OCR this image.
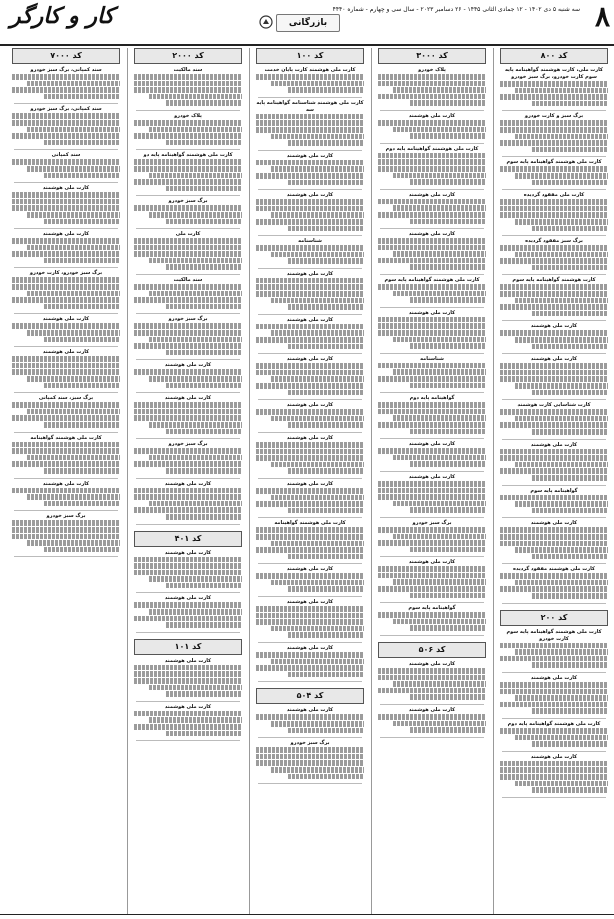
۸
سه شنبه ۵ دی ۱۴۰۲ - ۱۲ جمادی الثانی ۱۴۴۵ - ۲۶ دسامبر ۲۰۲۳ - سال سی و چهارم - شماره ۴۴۴۰
بازرگانی
کار و کارگر
کد ۸۰۰
کارت ملی، کارت هوشمند گواهینامه پایه سوم کارت خودرو، برگ سبز خودرو
برگ سبز و کارت خودرو
کارت ملی هوشمند گواهینامه پایه سوم
کارت ملی مفقود گردیده
برگ سبز مفقود گردیده
کارت هوشمند گواهینامه پایه سوم
کارت ملی هوشمند
کارت ملی هوشمند
کارت شناسایی کارت هوشمند
کارت ملی هوشمند
گواهینامه پایه سوم
کارت ملی هوشمند
کارت ملی هوشمند مفقود گردیده
کد ۲۰۰
کارت ملی هوشمند گواهینامه پایه سوم کارت خودرو
کارت ملی هوشمند
کارت ملی هوشمند گواهینامه پایه دوم
کارت ملی هوشمند
کد ۳۰۰۰
پلاک خودرو
کارت ملی هوشمند
کارت ملی هوشمند گواهینامه پایه دوم
کارت ملی هوشمند
کارت ملی هوشمند
کارت ملی هوشمند گواهینامه پایه سوم
کارت ملی هوشمند
شناسنامه
گواهینامه پایه دوم
کارت ملی هوشمند
کارت ملی هوشمند
برگ سبز خودرو
کارت ملی هوشمند
گواهینامه پایه سوم
کد ۵۰۶
کارت ملی هوشمند
کارت ملی هوشمند
کد ۱۰۰
کارت ملی هوشمند کارت پایان خدمت
کارت ملی هوشمند شناسنامه گواهینامه پایه سه
کارت ملی هوشمند
کارت ملی هوشمند
شناسنامه
کارت ملی هوشمند
کارت ملی هوشمند
کارت ملی هوشمند
کارت ملی هوشمند
کارت ملی هوشمند
کارت ملی هوشمند
کارت ملی هوشمند گواهینامه
کارت ملی هوشمند
کارت ملی هوشمند
کارت ملی هوشمند
کد ۵۰۴
کارت ملی هوشمند
برگ سبز خودرو
کد ۲۰۰۰
سند مالکیت
پلاک خودرو
کارت ملی هوشمند گواهینامه پایه دو
برگ سبز خودرو
کارت ملی
سند مالکیت
برگ سبز خودرو
کارت ملی هوشمند
کارت ملی هوشمند
برگ سبز خودرو
کارت ملی هوشمند
کد ۴۰۱
کارت ملی هوشمند
کارت ملی هوشمند
کد ۱۰۱
کارت ملی هوشمند
کارت ملی هوشمند
کد ۷۰۰۰
سند کمپانی، برگ سبز خودرو
سند کمپانی، برگ سبز خودرو
سند کمپانی
کارت ملی هوشمند
کارت ملی هوشمند
برگ سبز خودرو، کارت خودرو
کارت ملی هوشمند
کارت ملی هوشمند
برگ سبز، سند کمپانی
کارت ملی هوشمند گواهینامه
کارت ملی هوشمند
برگ سبز خودرو
